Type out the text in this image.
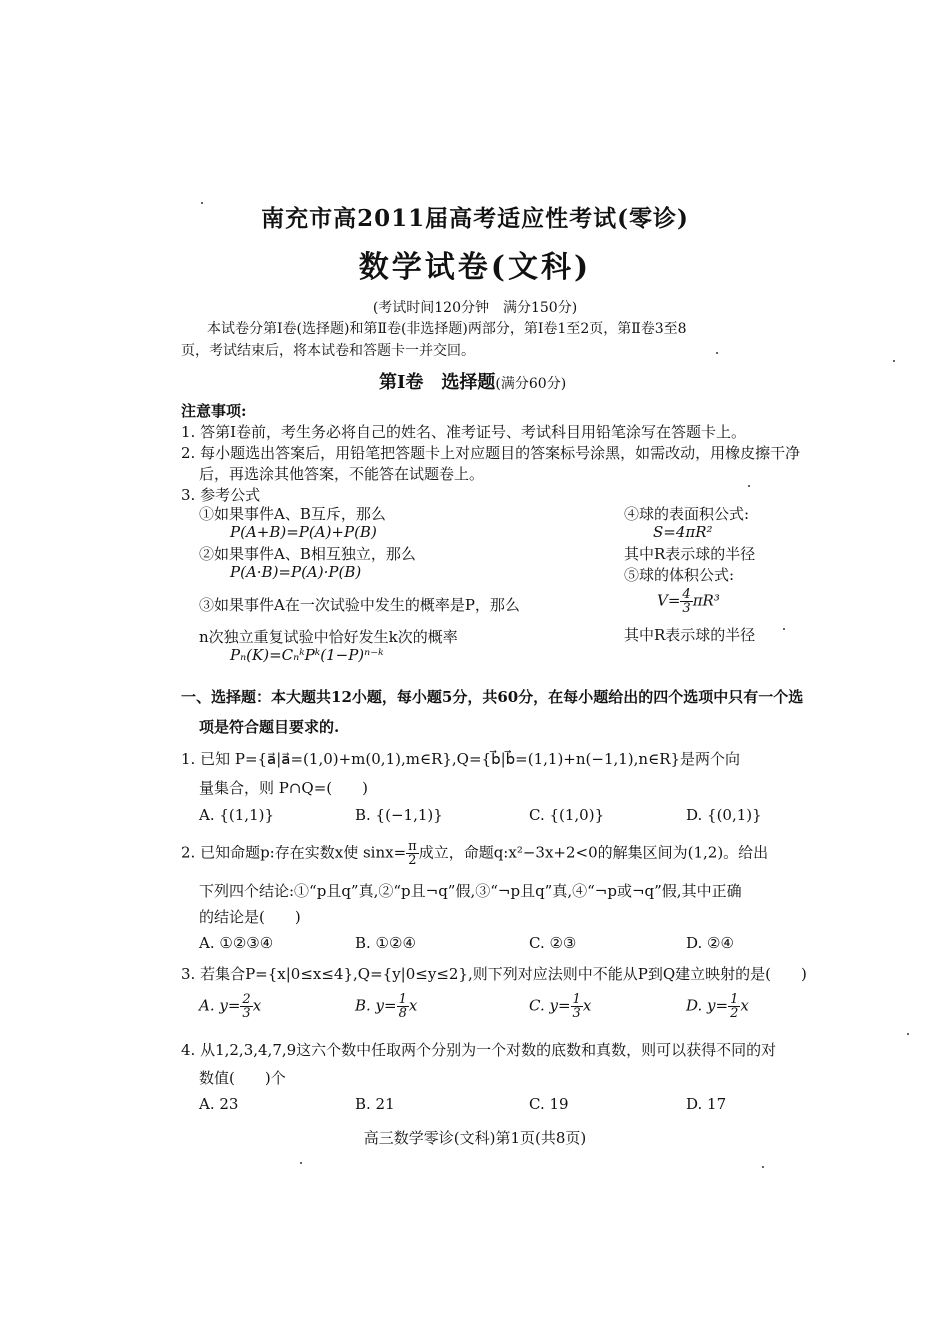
南充市高2011届高考适应性考试(零诊)
数学试卷(文科)
(考试时间120分钟　满分150分)
本试卷分第Ⅰ卷(选择题)和第Ⅱ卷(非选择题)两部分，第Ⅰ卷1至2页，第Ⅱ卷3至8
页，考试结束后，将本试卷和答题卡一并交回。
第Ⅰ卷　选择题(满分60分)
注意事项:
1. 答第Ⅰ卷前，考生务必将自己的姓名、准考证号、考试科目用铅笔涂写在答题卡上。
2. 每小题选出答案后，用铅笔把答题卡上对应题目的答案标号涂黑，如需改动，用橡皮擦干净
后，再选涂其他答案，不能答在试题卷上。
3. 参考公式
①如果事件A、B互斥，那么
P(A+B)=P(A)+P(B)
②如果事件A、B相互独立，那么
P(A·B)=P(A)·P(B)
③如果事件A在一次试验中发生的概率是P，那么
n次独立重复试验中恰好发生k次的概率
Pₙ(K)=CₙᵏPᵏ(1−P)ⁿ⁻ᵏ
④球的表面积公式:
S=4πR²
其中R表示球的半径
⑤球的体积公式:
$V= \frac{4}{3} \pi R^3$
其中R表示球的半径
一、选择题：本大题共12小题，每小题5分，共60分，在每小题给出的四个选项中只有一个选
项是符合题目要求的.
1. 已知 P={a⃗|a⃗=(1,0)+m(0,1),m∈R},Q={b⃗|b⃗=(1,1)+n(−1,1),n∈R}是两个向
量集合，则 P∩Q=(　　)
A. {(1,1)}	B. {(−1,1)}	C. {(1,0)}	D. {(0,1)}
2. 已知命题p:存在实数x使 $\sin x= \frac{\pi}{2}$ 成立，命题q:x²−3x+2<0的解集区间为(1,2)。给出
下列四个结论:①“p且q”真,②“p且¬q”假,③“¬p且q”真,④“¬p或¬q”假,其中正确
的结论是(　　)
A. ①②③④	B. ①②④	C. ②③	D. ②④
3. 若集合P={x|0≤x≤4},Q={y|0≤y≤2},则下列对应法则中不能从P到Q建立映射的是(　　)
A. $y= \frac{2}{3}$ x	B. $y= \frac{1}{8}$ x	C. $y= \frac{1}{3}$ x	D. $y= \frac{1}{2}$ x
4. 从1,2,3,4,7,9这六个数中任取两个分别为一个对数的底数和真数，则可以获得不同的对
数值(　　)个
A. 23	B. 21	C. 19	D. 17
高三数学零诊(文科)第1页(共8页)
